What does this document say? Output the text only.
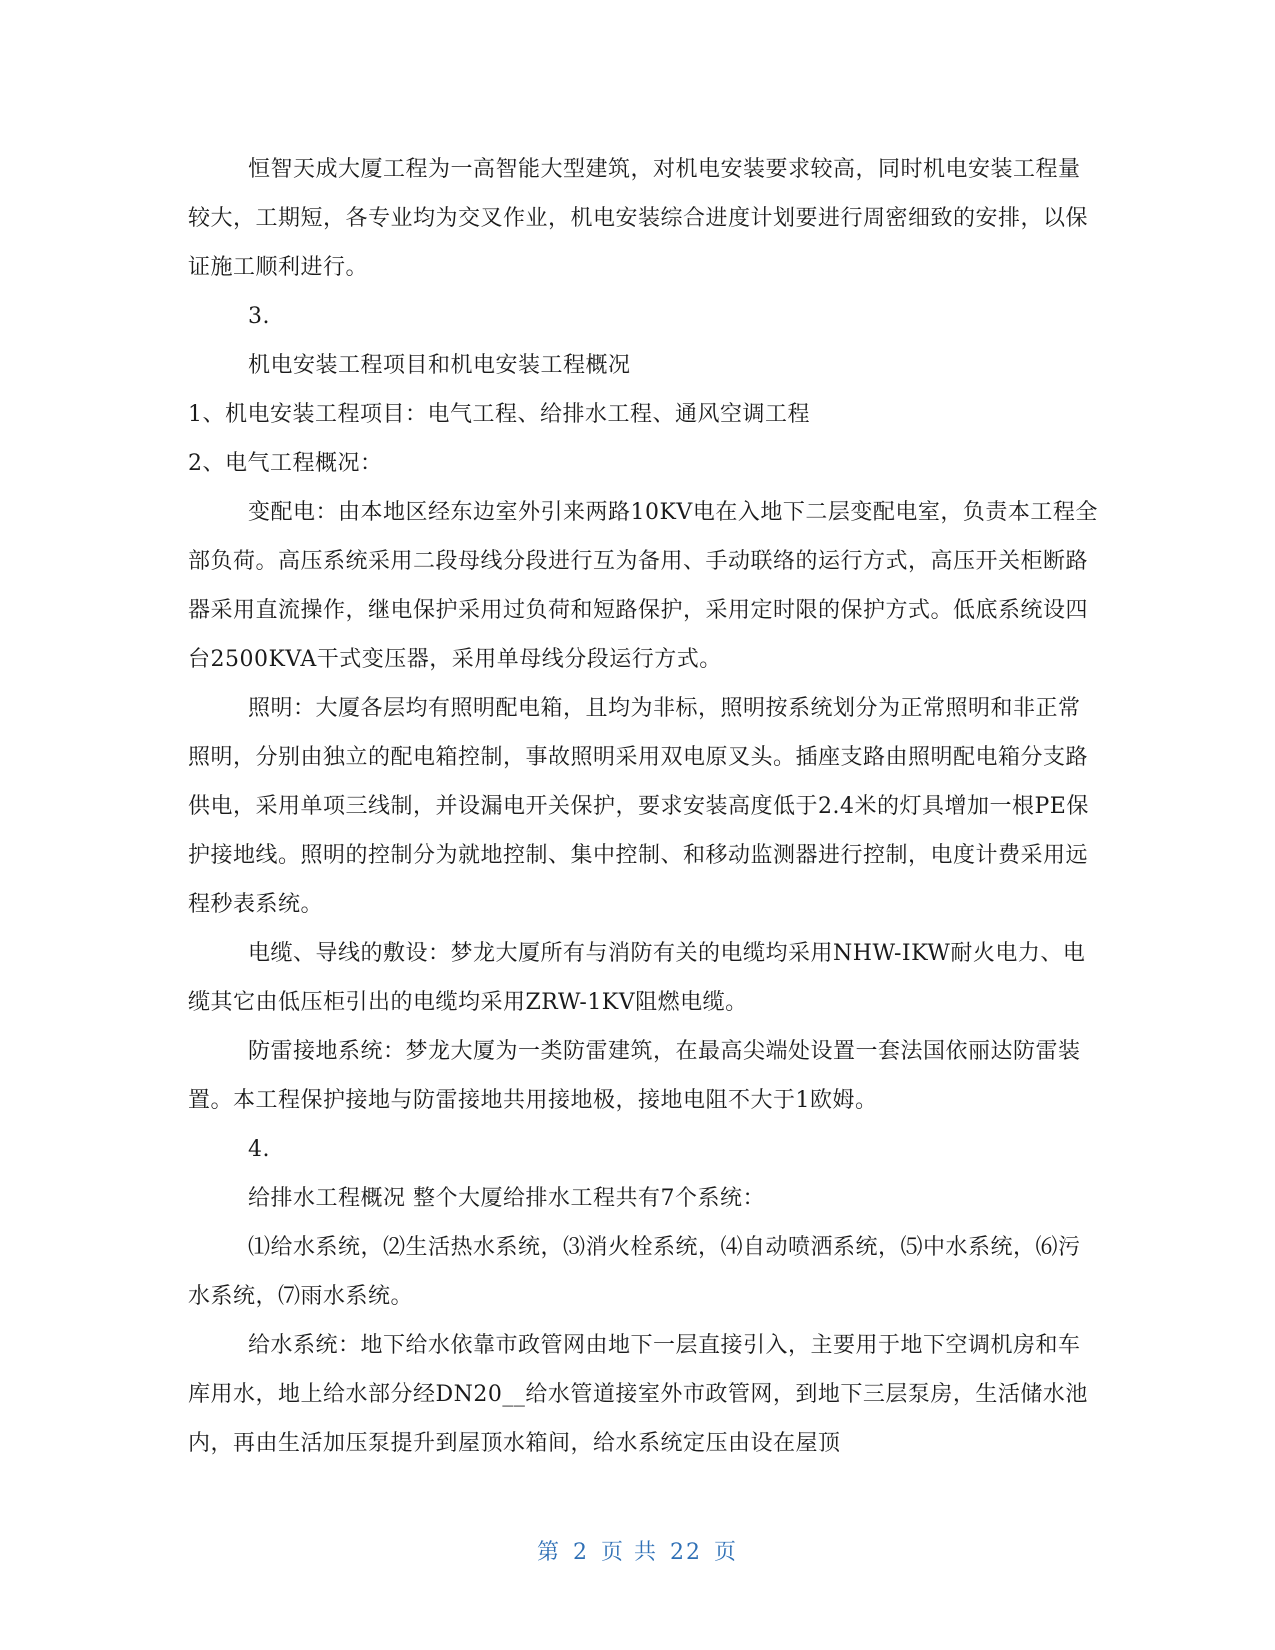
恒智天成大厦工程为一高智能大型建筑，对机电安装要求较高，同时机电安装工程量较大，工期短，各专业均为交叉作业，机电安装综合进度计划要进行周密细致的安排，以保证施工顺利进行。

3.

机电安装工程项目和机电安装工程概况

1、机电安装工程项目：电气工程、给排水工程、通风空调工程

2、电气工程概况：

变配电：由本地区经东边室外引来两路10KV电在入地下二层变配电室，负责本工程全部负荷。高压系统采用二段母线分段进行互为备用、手动联络的运行方式，高压开关柜断路器采用直流操作，继电保护采用过负荷和短路保护，采用定时限的保护方式。低底系统设四台2500KVA干式变压器，采用单母线分段运行方式。

照明：大厦各层均有照明配电箱，且均为非标，照明按系统划分为正常照明和非正常照明，分别由独立的配电箱控制，事故照明采用双电原叉头。插座支路由照明配电箱分支路供电，采用单项三线制，并设漏电开关保护，要求安装高度低于2.4米的灯具增加一根PE保护接地线。照明的控制分为就地控制、集中控制、和移动监测器进行控制，电度计费采用远程秒表系统。

电缆、导线的敷设：梦龙大厦所有与消防有关的电缆均采用NHW-IKW耐火电力、电缆其它由低压柜引出的电缆均采用ZRW-1KV阻燃电缆。

防雷接地系统：梦龙大厦为一类防雷建筑，在最高尖端处设置一套法国依丽达防雷装置。本工程保护接地与防雷接地共用接地极，接地电阻不大于1欧姆。

4.

给排水工程概况 整个大厦给排水工程共有7个系统：

⑴给水系统，⑵生活热水系统，⑶消火栓系统，⑷自动喷洒系统，⑸中水系统，⑹污水系统，⑺雨水系统。

给水系统：地下给水依靠市政管网由地下一层直接引入，主要用于地下空调机房和车库用水，地上给水部分经DN20__给水管道接室外市政管网，到地下三层泵房，生活储水池内，再由生活加压泵提升到屋顶水箱间，给水系统定压由设在屋顶

第 2 页 共 22 页
